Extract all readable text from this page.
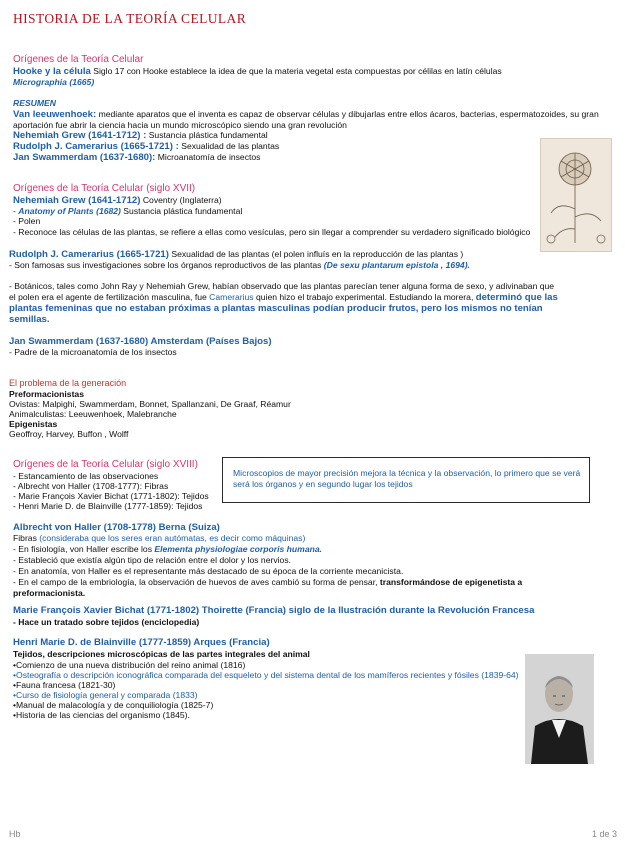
HISTORIA DE LA TEORÍA CELULAR
Orígenes de la Teoría Celular
Hooke y la célula Siglo 17 con Hooke establece la idea de que la materia vegetal esta compuestas por célilas en latín células
Micrographia (1665)
RESUMEN
Van leeuwenhoek: mediante aparatos que el inventa es capaz de observar células y dibujarlas entre ellos ácaros, bacterias, espermatozoides, su gran
aportación fue abrir la ciencia hacia un mundo microscópico siendo una gran revolución
Nehemiah Grew (1641-1712) : Sustancia plástica fundamental
Rudolph J. Camerarius (1665-1721) : Sexualidad de las plantas
Jan Swammerdam (1637-1680): Microanatomía de insectos
Orígenes de la Teoría Celular (siglo XVII)
Nehemiah Grew (1641-1712) Coventry (Inglaterra)
- Anatomy of Plants (1682) Sustancia plástica fundamental
- Polen
- Reconoce las células de las plantas, se refiere a ellas como vesículas, pero sin llegar a comprender su verdadero significado biológico
Rudolph J. Camerarius (1665-1721) Sexualidad de las plantas (el polen influís en la reproducción de las plantas )
- Son famosas sus investigaciones sobre los órganos reproductivos de las plantas (De sexu plantarum epistola , 1694).
- Botánicos, tales como John Ray y Nehemiah Grew, habían observado que las plantas parecían tener alguna forma de sexo, y adivinaban que
el polen era el agente de fertilización masculina, fue Camerarius quien hizo el trabajo experimental. Estudiando la morera, determinó que las
plantas femeninas que no estaban próximas a plantas masculinas podían producir frutos, pero los mismos no tenían
semillas.
Jan Swammerdam (1637-1680) Amsterdam (Países Bajos)
- Padre de la microanatomía de los insectos
El problema de la generación
Preformacionistas
Ovistas: Malpighi, Swammerdam, Bonnet, Spallanzani, De Graaf, Réamur
Animalculistas: Leeuwenhoek, Malebranche
Epigenistas
Geoffroy, Harvey, Buffon , Wolff
Orígenes de la Teoría Celular (siglo XVIII)
- Estancamiento de las observaciones
- Albrecht von Haller (1708-1777): Fibras
- Marie François Xavier Bichat (1771-1802): Tejidos
- Henri Marie D. de Blainville (1777-1859): Tejidos
Microscopios de mayor precisión mejora la técnica y la observación, lo primero que se verá será los órganos y en segundo lugar los tejidos
Albrecht von Haller (1708-1778) Berna (Suiza)
Fibras (consideraba que los seres eran autómatas, es decir como máquinas)
- En fisiología, von Haller escribe los Elementa physiologiae corporis humana.
- Estableció que existía algún tipo de relación entre el dolor y los nervios.
- En anatomía, von Haller es el representante más destacado de su época de la corriente mecanicista.
- En el campo de la embriología, la observación de huevos de aves cambió su forma de pensar, transformándose de epigenetista a
preformacionista.
Marie François Xavier Bichat (1771-1802) Thoirette (Francia) siglo de la Ilustración durante la Revolución Francesa
- Hace un tratado sobre tejidos (enciclopedia)
Henri Marie D. de Blainville (1777-1859) Arques (Francia)
Tejidos, descripciones microscópicas de las partes integrales del animal
•Comienzo de una nueva distribución del reino animal (1816)
•Osteografía o descripción iconográfica comparada del esqueleto y del sistema dental de los mamíferos recientes y fósiles (1839-64)
•Fauna francesa (1821-30)
•Curso de fisiología general y comparada (1833)
•Manual de malacología y de conquiliología (1825-7)
•Historia de las ciencias del organismo (1845).
Hb	1 de 3
